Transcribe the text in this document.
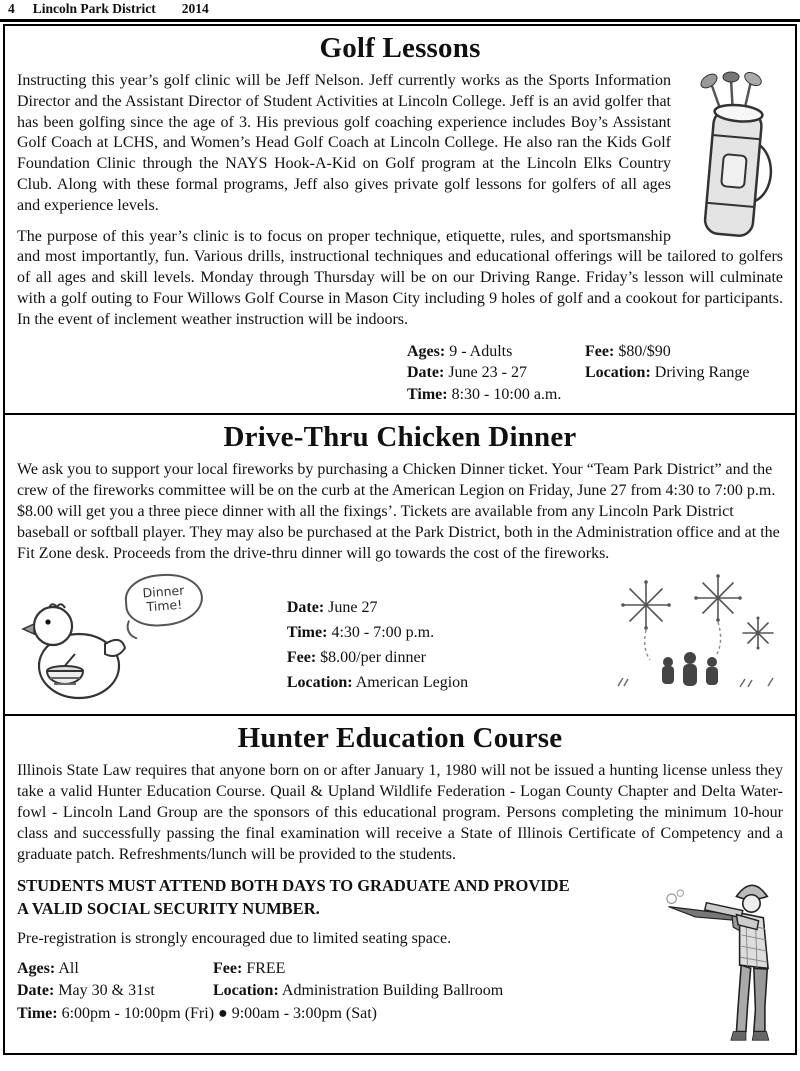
4 Lincoln Park District 2014
Golf Lessons

Instructing this year’s golf clinic will be Jeff Nelson. Jeff currently works as the Sports Information Director and the Assistant Director of Student Activities at Lincoln College. Jeff is an avid golfer that has been golfing since the age of 3. His previous golf coaching experience includes Boy’s Assistant Golf Coach at LCHS, and Women’s Head Golf Coach at Lincoln College. He also ran the Kids Golf Foundation Clinic through the NAYS Hook-A-Kid on Golf program at the Lincoln Elks Country Club. Along with these formal programs, Jeff also gives private golf lessons for golfers of all ages and experience levels.

The purpose of this year’s clinic is to focus on proper technique, etiquette, rules, and sportsmanship and most importantly, fun. Various drills, instructional techniques and educational offerings will be tailored to golfers of all ages and skill levels. Monday through Thursday will be on our Driving Range. Friday’s lesson will culminate with a golf outing to Four Willows Golf Course in Mason City including 9 holes of golf and a cookout for participants. In the event of inclement weather instruction will be indoors.

Ages: 9 - Adults	Fee: $80/$90
Date: June 23 - 27	Location: Driving Range
Time: 8:30 - 10:00 a.m.
Drive-Thru Chicken Dinner

We ask you to support your local fireworks by purchasing a Chicken Dinner ticket. Your “Team Park District” and the crew of the fireworks committee will be on the curb at the American Legion on Friday, June 27 from 4:30 to 7:00 p.m. $8.00 will get you a three piece dinner with all the fixings’. Tickets are available from any Lincoln Park District baseball or softball player. They may also be purchased at the Park District, both in the Administration office and at the Fit Zone desk. Proceeds from the drive-thru dinner will go towards the cost of the fireworks.

Dinner Time!	Date: June 27
Time: 4:30 - 7:00 p.m.
Fee: $8.00/per dinner
Location: American Legion
Hunter Education Course

Illinois State Law requires that anyone born on or after January 1, 1980 will not be issued a hunting license unless they take a valid Hunter Education Course. Quail & Upland Wildlife Federation - Logan County Chapter and Delta Water-fowl - Lincoln Land Group are the sponsors of this educational program. Persons completing the minimum 10-hour class and successfully passing the final examination will receive a State of Illinois Certificate of Competency and a graduate patch. Refreshments/lunch will be provided to the students.

STUDENTS MUST ATTEND BOTH DAYS TO GRADUATE AND PROVIDE A VALID SOCIAL SECURITY NUMBER.

Pre-registration is strongly encouraged due to limited seating space.

Ages: All	Fee: FREE
Date: May 30 & 31st	Location: Administration Building Ballroom
Time: 6:00pm - 10:00pm (Fri) ● 9:00am - 3:00pm (Sat)
